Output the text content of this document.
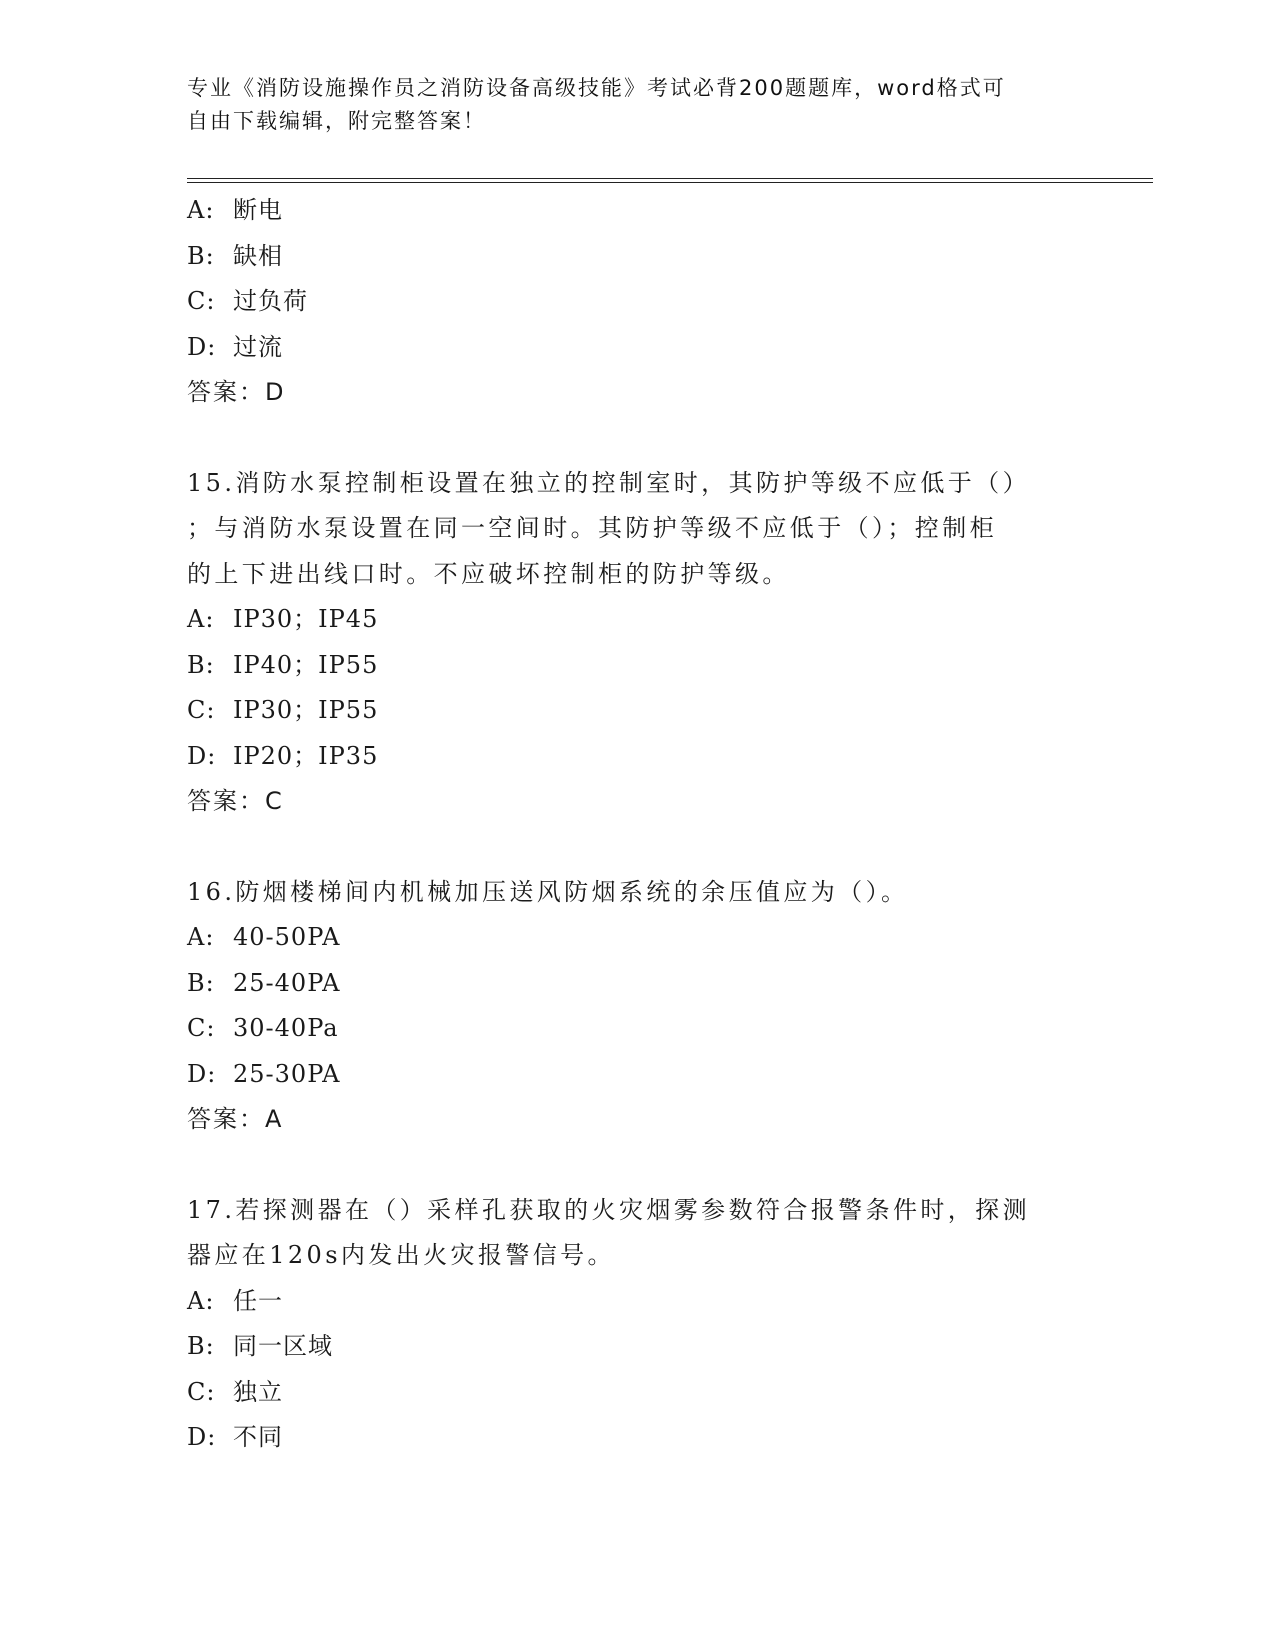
专业《消防设施操作员之消防设备高级技能》考试必背200题题库，word格式可
自由下载编辑，附完整答案！
A: 断电
B: 缺相
C: 过负荷
D: 过流
答案：D
15.消防水泵控制柜设置在独立的控制室时，其防护等级不应低于（）
；与消防水泵设置在同一空间时。其防护等级不应低于（）；控制柜
的上下进出线口时。不应破坏控制柜的防护等级。
A: IP30；IP45
B: IP40；IP55
C: IP30；IP55
D: IP20；IP35
答案：C
16.防烟楼梯间内机械加压送风防烟系统的余压值应为（）。
A: 40-50PA
B: 25-40PA
C: 30-40Pa
D: 25-30PA
答案：A
17.若探测器在（）采样孔获取的火灾烟雾参数符合报警条件时，探测
器应在120s内发出火灾报警信号。
A: 任一
B: 同一区域
C: 独立
D: 不同
